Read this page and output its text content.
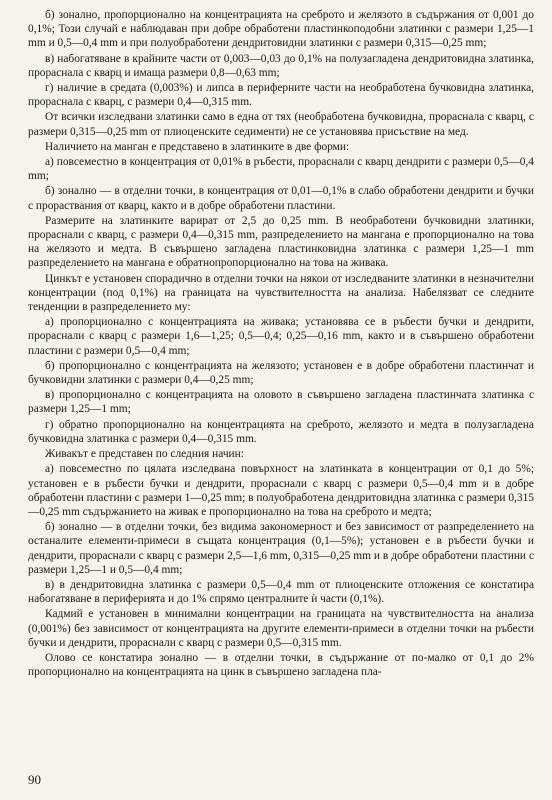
б) зонално, пропорционално на концентрацията на среброто и желязото в съдържания от 0,001 до 0,1%; Този случай е наблюдаван при добре обработени пластинкоподобни златинки с размери 1,25—1 mm и 0,5—0,4 mm и при полуобработени дендритовидни златинки с размери 0,315—0,25 mm;

в) набогатяване в крайните части от 0,003—0,03 до 0,1% на полузагладена дендритовидна златинка, прораснала с кварц и имаща размери 0,8—0,63 mm;

г) наличие в средата (0,003%) и липса в периферните части на необработена бучковидна златинка, прораснала с кварц, с размери 0,4—0,315 mm.

От всички изследвани златинки само в една от тях (необработена бучковидна, прораснала с кварц, с размери 0,315—0,25 mm от плиоценските седименти) не се установява присъствие на мед.

Наличието на манган е представено в златинките в две форми:

а) повсеместно в концентрация от 0,01% в ръбести, прораснали с кварц дендрити с размери 0,5—0,4 mm;

б) зонално — в отделни точки, в концентрация от 0,01—0,1% в слабо обработени дендрити и бучки с прораствания от кварц, както и в добре обработени пластини.

Размерите на златинките варират от 2,5 до 0,25 mm. В необработени бучковидни златинки, прораснали с кварц, с размери 0,4—0,315 mm, разпределението на мангана е пропорционално на това на желязото и медта. В съвършено загладена пластинковидна златинка с размери 1,25—1 mm разпределението на мангана е обратнопропорционално на това на живака.

Цинкът е установен спорадично в отделни точки на някои от изследваните златинки в незначителни концентрации (под 0,1%) на границата на чувствителността на анализа. Набелязват се следните тенденции в разпределението му:

а) пропорционално с концентрацията на живака; установява се в ръбести бучки и дендрити, прораснали с кварц с размери 1,6—1,25; 0,5—0,4; 0,25—0,16 mm, както и в съвършено обработени пластини с размери 0,5—0,4 mm;

б) пропорционално с концентрацията на желязото; установен е в добре обработени пластинчат и бучковидни златинки с размери 0,4—0,25 mm;

в) пропорционално с концентрацията на оловото в съвършено загладена пластинчата златинка с размери 1,25—1 mm;

г) обратно пропорционално на концентрацията на среброто, желязото и медта в полузагладена бучковидна златинка с размери 0,4—0,315 mm.

Живакът е представен по следния начин:

а) повсеместно по цялата изследвана повърхност на златинката в концентрации от 0,1 до 5%; установен е в ръбести бучки и дендрити, прораснали с кварц с размери 0,5—0,4 mm и в добре обработени пластини с размери 1—0,25 mm; в полуобработена дендритовидна златинка с размери 0,315—0,25 mm съдържанието на живак е пропорционално на това на среброто и медта;

б) зонално — в отделни точки, без видима закономерност и без зависимост от разпределението на останалите елементи-примеси в същата концентрация (0,1—5%); установен е в ръбести бучки и дендрити, прораснали с кварц с размери 2,5—1,6 mm, 0,315—0,25 mm и в добре обработени пластини с размери 1,25—1 и 0,5—0,4 mm;

в) в дендритовидна златинка с размери 0,5—0,4 mm от плиоценските отложения се констатира набогатяване в периферията и до 1% спрямо централните ѝ части (0,1%).

Кадмий е установен в минимални концентрации на границата на чувствителността на анализа (0,001%) без зависимост от концентрацията на другите елементи-примеси в отделни точки на ръбести бучки и дендрити, прораснали с кварц с размери 0,5—0,315 mm.

Олово се констатира зонално — в отделни точки, в съдържание от по-малко от 0,1 до 2% пропорционално на концентрацията на цинк в съвършено загладена пла-

90
